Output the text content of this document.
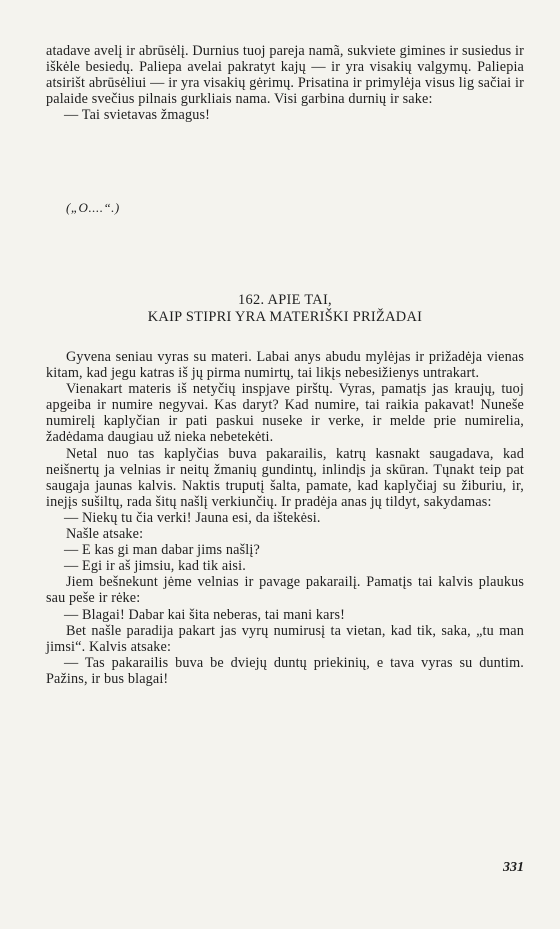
atadave avelį ir abrūsėlį. Durnius tuoj pareja namã, sukviete gimines ir susiedus ir iškėle besiedų. Paliepa avelai pakratyt kajų — ir yra visakių valgymų. Paliepia atsirišt abrūsėliui — ir yra visakių gėrimų. Prisatina ir primylėja visus lig sačiai ir palaide svečius pilnais gurkliais nama. Visi garbina durnių ir sake:

— Tai svietavas žmagus!

(„O....“.)
162. APIE TAI,
KAIP STIPRI YRA MATERIŠKI PRIŽADAI

Gyvena seniau vyras su materi. Labai anys abudu mylėjas ir prižadėja vienas kitam, kad jegu katras iš jų pirma numirtų, tai likįs nebesižienys untrakart.

Vienakart materis iš netyčių inspjave pirštų. Vyras, pamatįs jas kraujų, tuoj apgeiba ir numire negyvai. Kas daryt? Kad numire, tai raikia pakavat! Nuneše numirelį kaplyčian ir pati paskui nuseke ir verke, ir melde prie numirelia, žadėdama daugiau už nieka nebetekėti.

Netal nuo tas kaplyčias buva pakarailis, katrų kasnakt saugadava, kad neišnertų ja velnias ir neitų žmanių gundintų, inlindįs ja skūran. Tųnakt teip pat saugaja jaunas kalvis. Naktis truputį šalta, pamate, kad kaplyčiaj su žiburiu, ir, inejįs sušiltų, rada šitų našlį verkiunčių. Ir pradėja anas jų tildyt, sakydamas:

— Niekų tu čia verki! Jauna esi, da ištekėsi.

Našle atsake:

— E kas gi man dabar jims našlį?

— Egi ir aš jimsiu, kad tik aisi.

Jiem bešnekunt jėme velnias ir pavage pakarailį. Pamatįs tai kalvis plaukus sau peše ir rėke:

— Blagai! Dabar kai šita neberas, tai mani kars!

Bet našle paradija pakart jas vyrų numirusį ta vietan, kad tik, saka, „tu man jimsi“. Kalvis atsake:

— Tas pakarailis buva be dviejų duntų priekinių, e tava vyras su duntim. Pažins, ir bus blagai!

331
